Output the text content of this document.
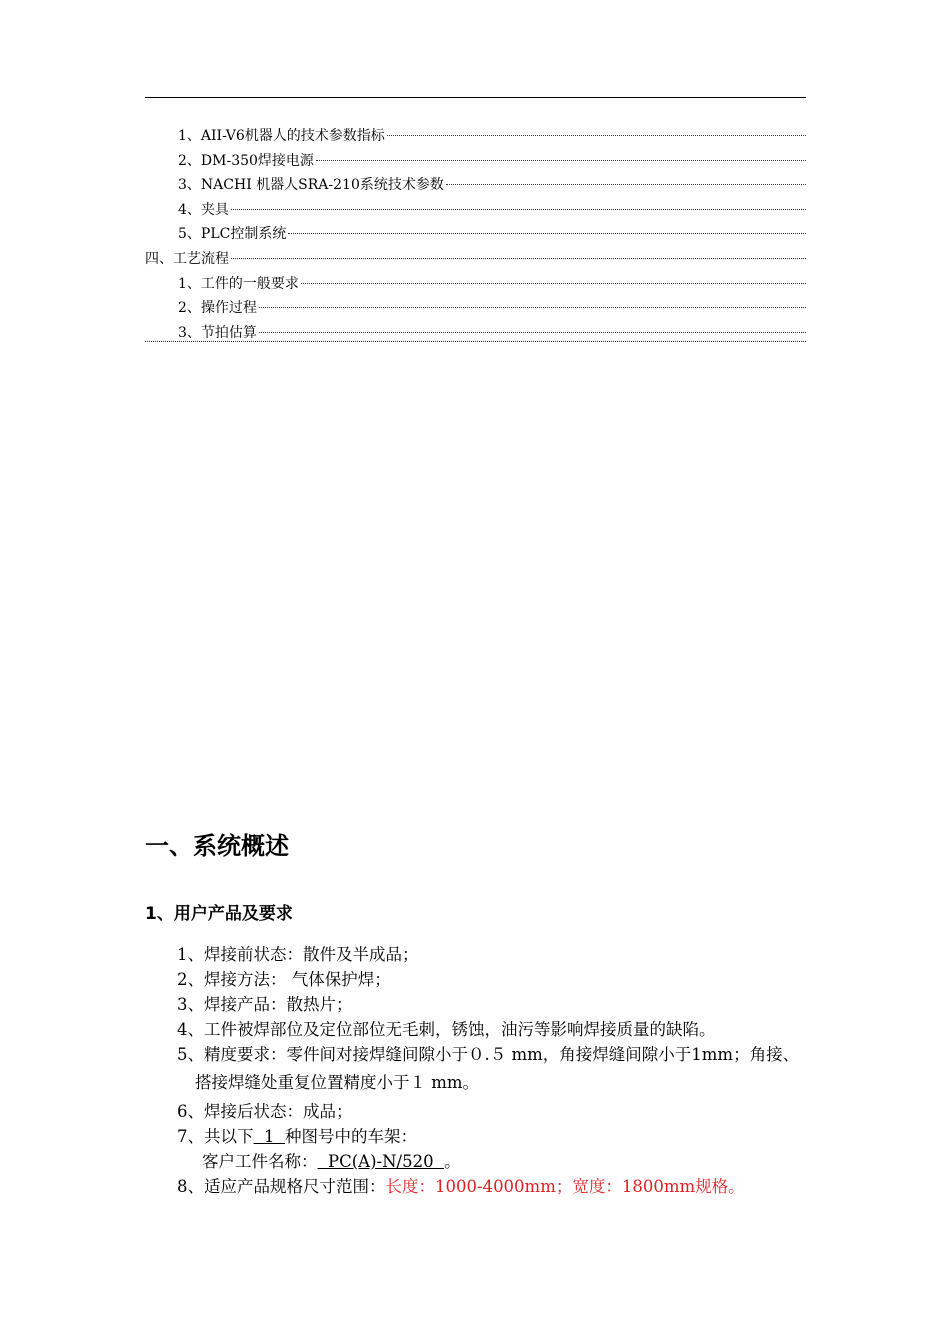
1、AII-V6机器人的技术参数指标
2、DM-350焊接电源
3、NACHI 机器人SRA-210系统技术参数
4、夹具
5、PLC控制系统
四、工艺流程
1、工件的一般要求
2、操作过程
3、节拍估算
一、系统概述
1、用户产品及要求
1、焊接前状态：散件及半成品；
2、焊接方法： 气体保护焊；
3、焊接产品：散热片；
4、工件被焊部位及定位部位无毛刺，锈蚀，油污等影响焊接质量的缺陷。
5、精度要求：零件间对接焊缝间隙小于０.５ mm，角接焊缝间隙小于1mm；角接、
搭接焊缝处重复位置精度小于１ mm。
6、焊接后状态：成品；
7、共以下  1  种图号中的车架：
客户工件名称：  PC(A)-N/520  。
8、适应产品规格尺寸范围：长度：1000-4000mm；宽度：1800mm规格。
